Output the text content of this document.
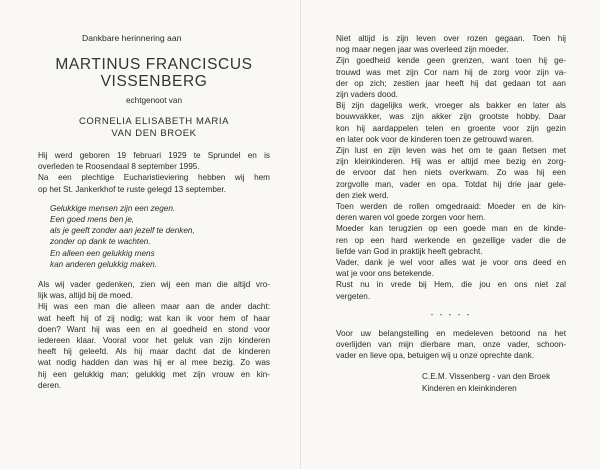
Dankbare herinnering aan
MARTINUS FRANCISCUS
VISSENBERG
echtgenoot van
CORNELIA ELISABETH MARIA
VAN DEN BROEK
Hij werd geboren 19 februari 1929 te Sprundel en is
overleden te Roosendaal 8 september 1995.
Na een plechtige Eucharistieviering hebben wij hem
op het St. Jankerkhof te ruste gelegd 13 september.
Gelukkige mensen zijn een zegen.
Een goed mens ben je,
als je geeft zonder aan jezelf te denken,
zonder op dank te wachten.
En alleen een gelukkig mens
kan anderen gelukkig maken.
Als wij vader gedenken, zien wij een man die altijd vro-
lijk was, altijd bij de moed.
Hij was een man die alleen maar aan de ander dacht:
wat heeft hij of zij nodig; wat kan ik voor hem of haar
doen? Want hij was een en al goedheid en stond voor
iedereen klaar. Vooral voor het geluk van zijn kinderen
heeft hij geleefd. Als hij maar dacht dat de kinderen
wat nodig hadden dan was hij er al mee bezig. Zo was
hij een gelukkig man; gelukkig met zijn vrouw en kin-
deren.
Niet altijd is zijn leven over rozen gegaan. Toen hij
nog maar negen jaar was overleed zijn moeder.
Zijn goedheid kende geen grenzen, want toen hij ge-
trouwd was met zijn Cor nam hij de zorg voor zijn va-
der op zich; zestien jaar heeft hij dat gedaan tot aan
zijn vaders dood.
Bij zijn dagelijks werk, vroeger als bakker en later als
bouwvakker, was zijn akker zijn grootste hobby. Daar
kon hij aardappelen telen en groente voor zijn gezin
en later ook voor de kinderen toen ze getrouwd waren.
Zijn lust en zijn leven was het om te gaan fietsen met
zijn kleinkinderen. Hij was er altijd mee bezig en zorg-
de ervoor dat hen niets overkwam. Zo was hij een
zorgvolle man, vader en opa. Totdat hij drie jaar gele-
den ziek werd.
Toen werden de rollen omgedraaid: Moeder en de kin-
deren waren vol goede zorgen voor hem.
Moeder kan terugzien op een goede man en de kinde-
ren op een hard werkende en gezellige vader die de
liefde van God in praktijk heeft gebracht.
Vader, dank je wel voor alles wat je voor ons deed en
wat je voor ons betekende.
Rust nu in vrede bij Hem, die jou en ons niet zal
vergeten.
- - - - -
Voor uw belangstelling en medeleven betoond na het
overlijden van mijn dierbare man, onze vader, schoon-
vader en lieve opa, betuigen wij u onze oprechte dank.
C.E.M. Vissenberg - van den Broek
Kinderen en kleinkinderen
